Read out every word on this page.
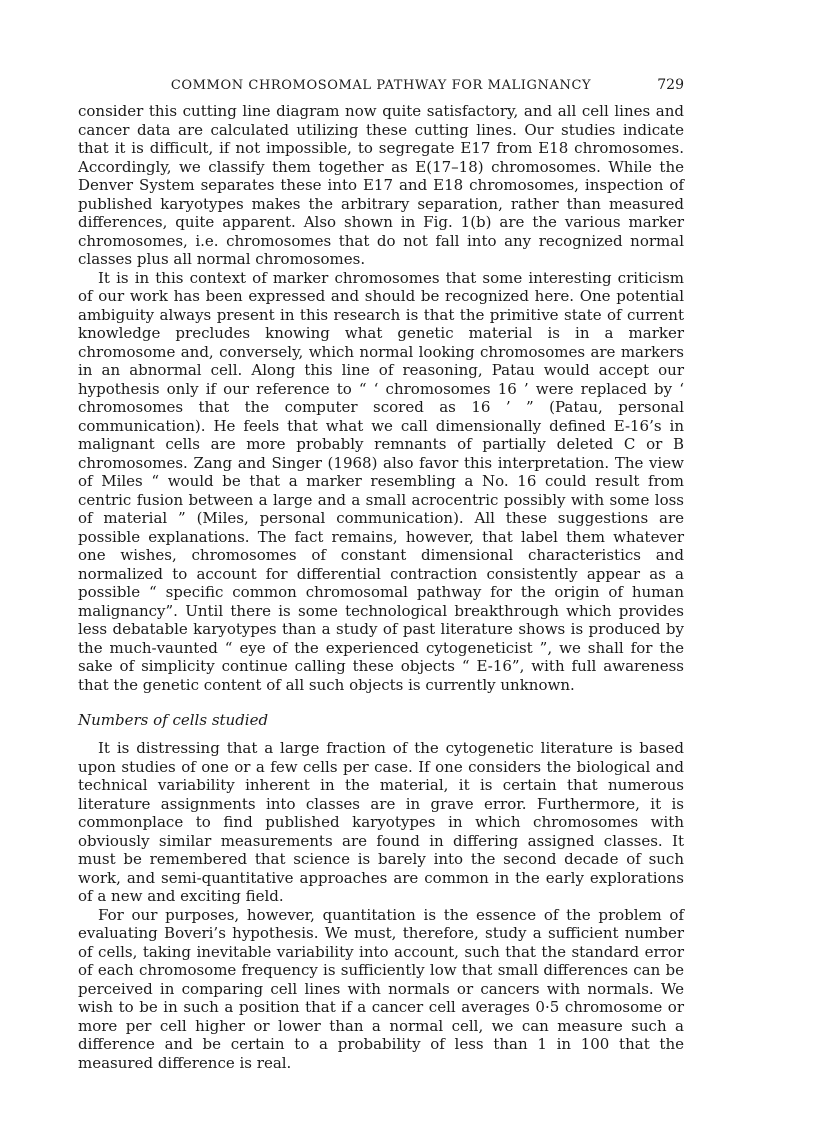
COMMON CHROMOSOMAL PATHWAY FOR MALIGNANCY	729

consider this cutting line diagram now quite satisfactory, and all cell lines and cancer data are calculated utilizing these cutting lines. Our studies indicate that it is difficult, if not impossible, to segregate E17 from E18 chromosomes. Accordingly, we classify them together as E(17–18) chromosomes. While the Denver System separates these into E17 and E18 chromosomes, inspection of published karyotypes makes the arbitrary separation, rather than measured differences, quite apparent. Also shown in Fig. 1(b) are the various marker chromosomes, i.e. chromosomes that do not fall into any recognized normal classes plus all normal chromosomes.

It is in this context of marker chromosomes that some interesting criticism of our work has been expressed and should be recognized here. One potential ambiguity always present in this research is that the primitive state of current knowledge precludes knowing what genetic material is in a marker chromosome and, conversely, which normal looking chromosomes are markers in an abnormal cell. Along this line of reasoning, Patau would accept our hypothesis only if our reference to “ ‘ chromosomes 16 ’ were replaced by ‘ chromosomes that the computer scored as 16 ’ ” (Patau, personal communication). He feels that what we call dimensionally defined E-16’s in malignant cells are more probably remnants of partially deleted C or B chromosomes. Zang and Singer (1968) also favor this interpretation. The view of Miles “ would be that a marker resembling a No. 16 could result from centric fusion between a large and a small acrocentric possibly with some loss of material ” (Miles, personal communication). All these suggestions are possible explanations. The fact remains, however, that label them whatever one wishes, chromosomes of constant dimensional characteristics and normalized to account for differential contraction consistently appear as a possible “ specific common chromosomal pathway for the origin of human malignancy”. Until there is some technological breakthrough which provides less debatable karyotypes than a study of past literature shows is produced by the much-vaunted “ eye of the experienced cytogeneticist ”, we shall for the sake of simplicity continue calling these objects “ E-16”, with full awareness that the genetic content of all such objects is currently unknown.

Numbers of cells studied

It is distressing that a large fraction of the cytogenetic literature is based upon studies of one or a few cells per case. If one considers the biological and technical variability inherent in the material, it is certain that numerous literature assignments into classes are in grave error. Furthermore, it is commonplace to find published karyotypes in which chromosomes with obviously similar measurements are found in differing assigned classes. It must be remembered that science is barely into the second decade of such work, and semi-quantitative approaches are common in the early explorations of a new and exciting field.

For our purposes, however, quantitation is the essence of the problem of evaluating Boveri’s hypothesis. We must, therefore, study a sufficient number of cells, taking inevitable variability into account, such that the standard error of each chromosome frequency is sufficiently low that small differences can be perceived in comparing cell lines with normals or cancers with normals. We wish to be in such a position that if a cancer cell averages 0·5 chromosome or more per cell higher or lower than a normal cell, we can measure such a difference and be certain to a probability of less than 1 in 100 that the measured difference is real.
